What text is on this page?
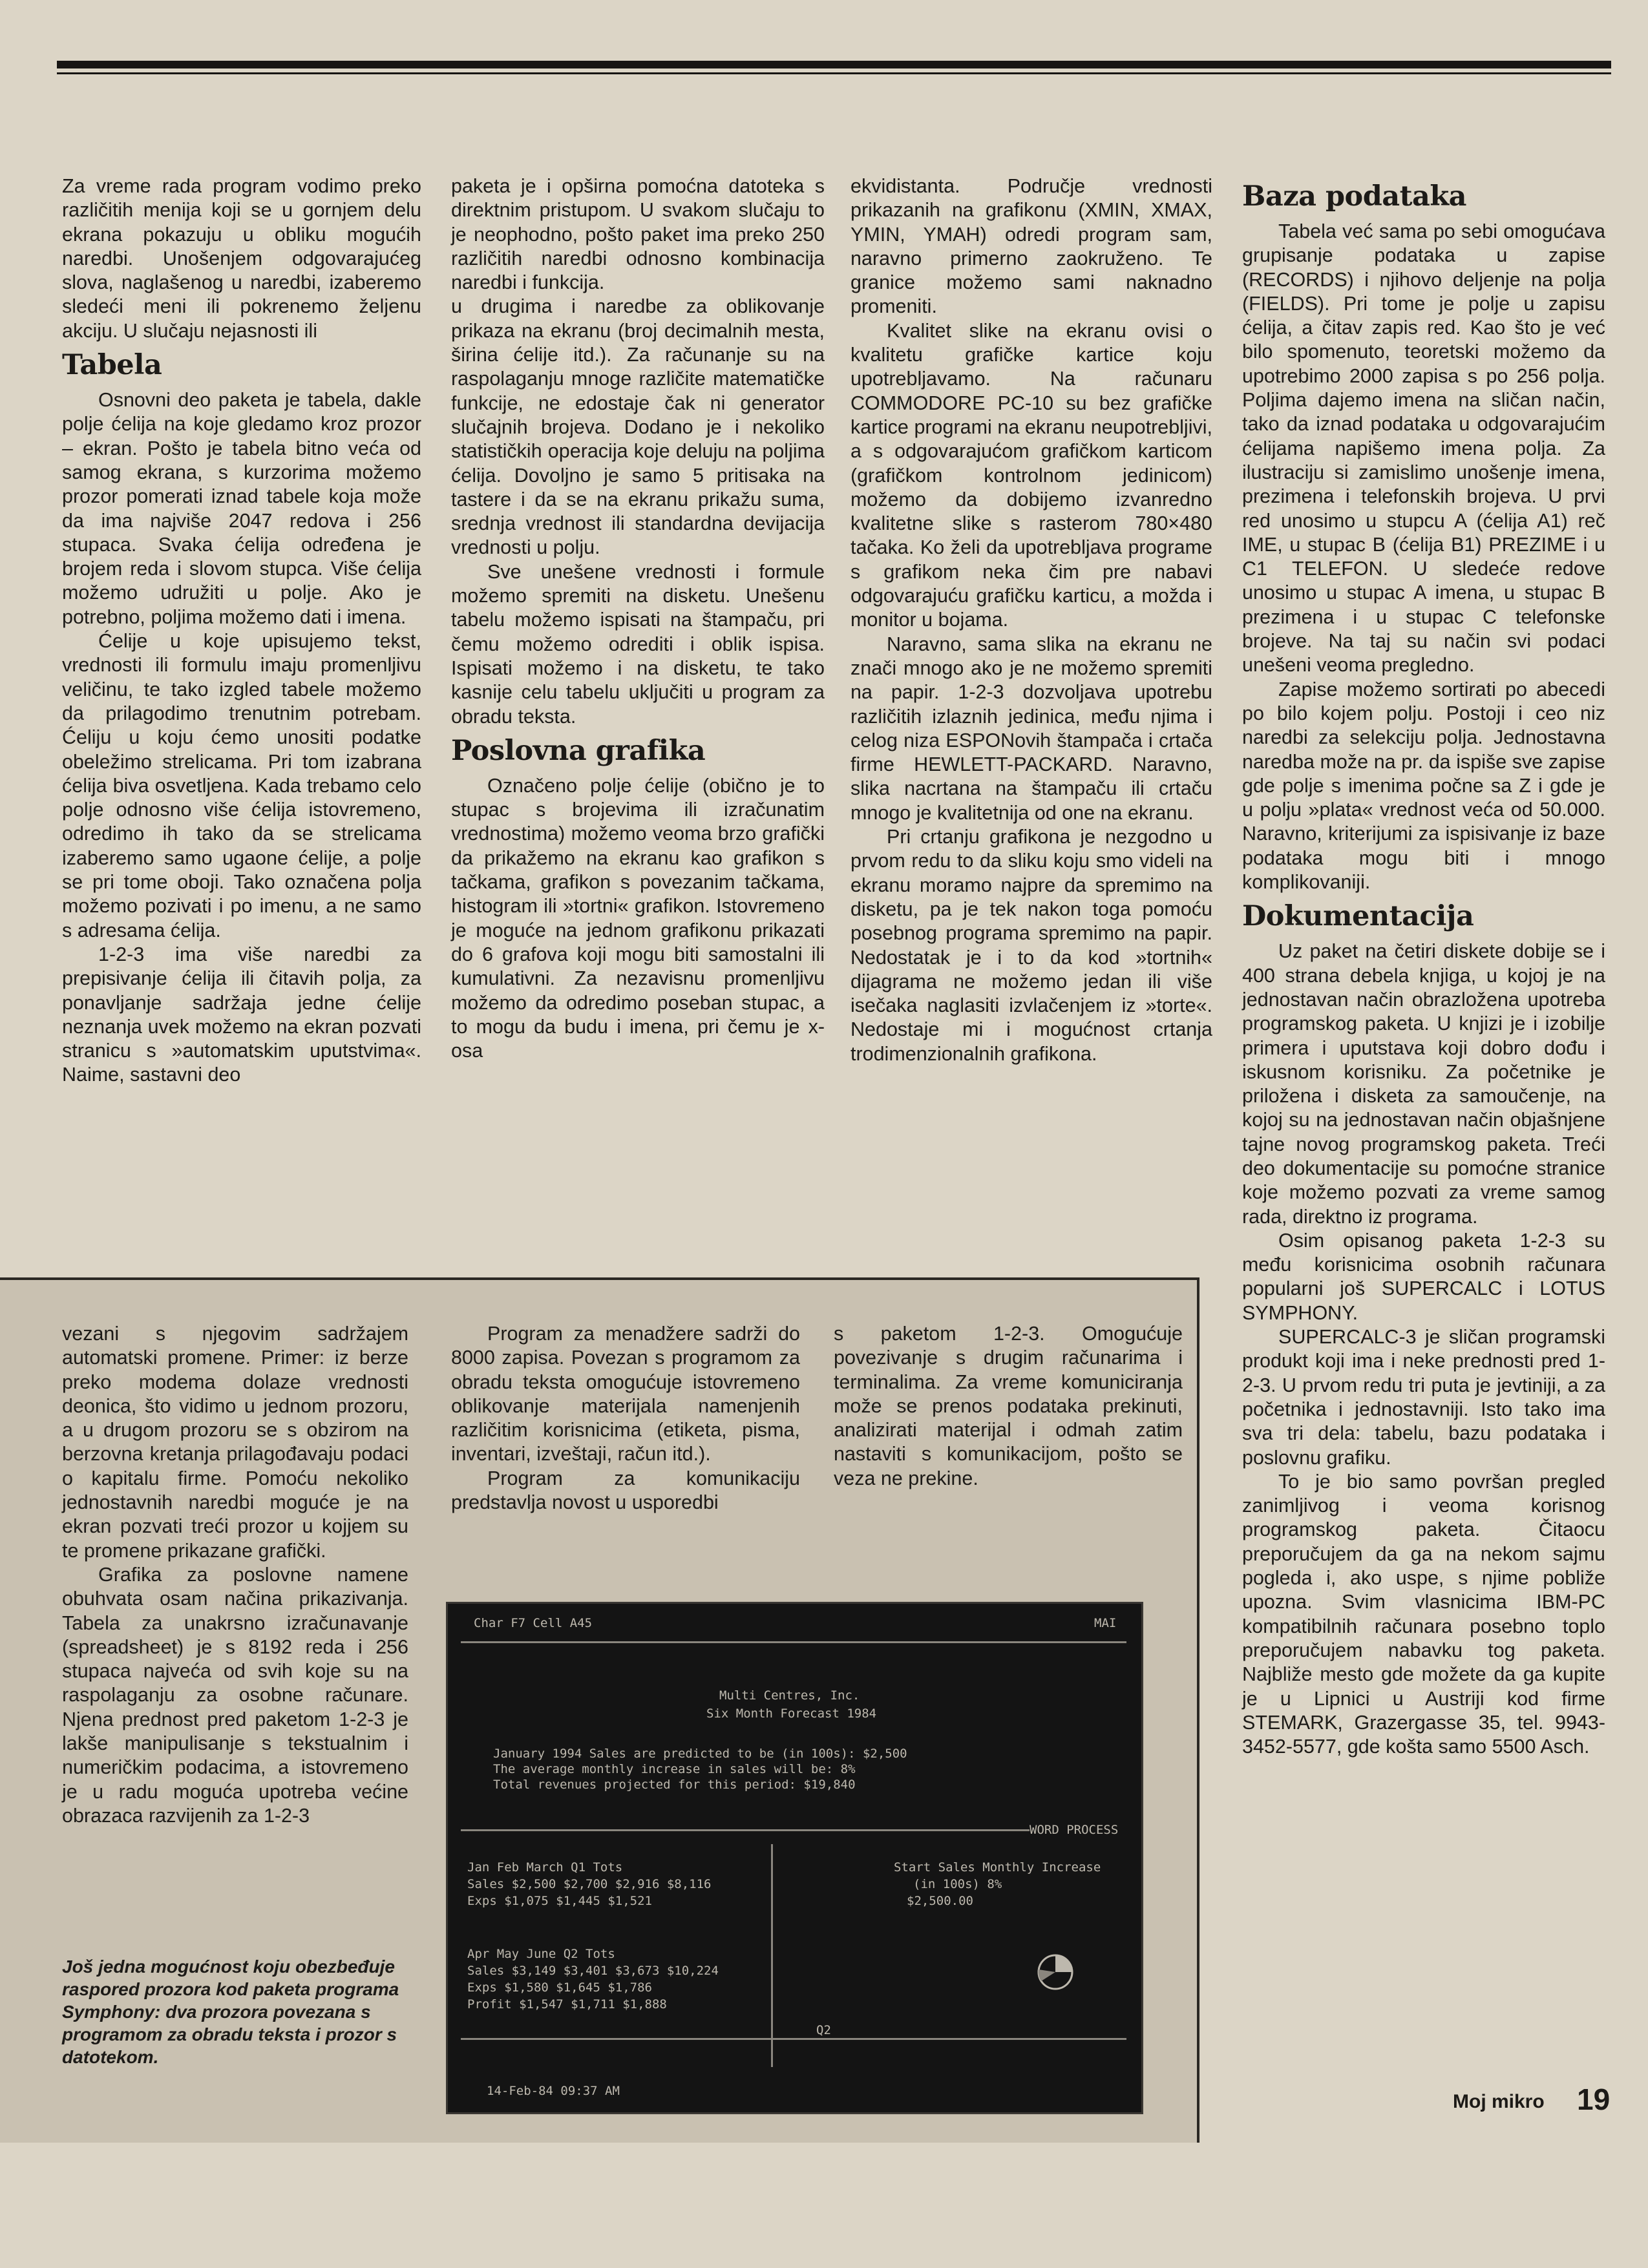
Za vreme rada program vodimo preko različitih menija koji se u gornjem delu ekrana pokazuju u obliku mogućih naredbi. Unošenjem odgovarajućeg slova, naglašenog u naredbi, izaberemo sledeći meni ili pokrenemo željenu akciju. U slučaju nejasnosti ili

Tabela

Osnovni deo paketa je tabela, dakle polje ćelija na koje gledamo kroz prozor – ekran. Pošto je tabela bitno veća od samog ekrana, s kurzorima možemo prozor pomerati iznad tabele koja može da ima najviše 2047 redova i 256 stupaca. Svaka ćelija određena je brojem reda i slovom stupca. Više ćelija možemo udružiti u polje. Ako je potrebno, poljima možemo dati i imena.

Ćelije u koje upisujemo tekst, vrednosti ili formulu imaju promenljivu veličinu, te tako izgled tabele možemo da prilagodimo trenutnim potrebam. Ćeliju u koju ćemo unositi podatke obeležimo strelicama. Pri tom izabrana ćelija biva osvetljena. Kada trebamo celo polje odnosno više ćelija istovremeno, odredimo ih tako da se strelicama izaberemo samo ugaone ćelije, a polje se pri tome oboji. Tako označena polja možemo pozivati i po imenu, a ne samo s adresama ćelija.

1-2-3 ima više naredbi za prepisivanje ćelija ili čitavih polja, za ponavljanje sadržaja jedne ćelije neznanja uvek možemo na ekran pozvati stranicu s »automatskim uputstvima«. Naime, sastavni deo

paketa je i opširna pomoćna datoteka s direktnim pristupom. U svakom slučaju to je neophodno, pošto paket ima preko 250 različitih naredbi odnosno kombinacija naredbi i funkcija.

u drugima i naredbe za oblikovanje prikaza na ekranu (broj decimalnih mesta, širina ćelije itd.). Za računanje su na raspolaganju mnoge različite matematičke funkcije, ne edostaje čak ni generator slučajnih brojeva. Dodano je i nekoliko statističkih operacija koje deluju na poljima ćelija. Dovoljno je samo 5 pritisaka na tastere i da se na ekranu prikažu suma, srednja vrednost ili standardna devijacija vrednosti u polju.

Sve unešene vrednosti i formule možemo spremiti na disketu. Unešenu tabelu možemo ispisati na štampaču, pri čemu možemo odrediti i oblik ispisa. Ispisati možemo i na disketu, te tako kasnije celu tabelu uključiti u program za obradu teksta.

Poslovna grafika

Označeno polje ćelije (obično je to stupac s brojevima ili izračunatim vrednostima) možemo veoma brzo grafički da prikažemo na ekranu kao grafikon s tačkama, grafikon s povezanim tačkama, histogram ili »tortni« grafikon. Istovremeno je moguće na jednom grafikonu prikazati do 6 grafova koji mogu biti samostalni ili kumulativni. Za nezavisnu promenljivu možemo da odredimo poseban stupac, a to mogu da budu i imena, pri čemu je x-osa

ekvidistanta. Područje vrednosti prikazanih na grafikonu (XMIN, XMAX, YMIN, YMAH) odredi program sam, naravno primerno zaokruženo. Te granice možemo sami naknadno promeniti.

Kvalitet slike na ekranu ovisi o kvalitetu grafičke kartice koju upotrebljavamo. Na računaru COMMODORE PC-10 su bez grafičke kartice programi na ekranu neupotrebljivi, a s odgovarajućom grafičkom karticom (grafičkom kontrolnom jedinicom) možemo da dobijemo izvanredno kvalitetne slike s rasterom 780×480 tačaka. Ko želi da upotrebljava programe s grafikom neka čim pre nabavi odgovarajuću grafičku karticu, a možda i monitor u bojama.

Naravno, sama slika na ekranu ne znači mnogo ako je ne možemo spremiti na papir. 1-2-3 dozvoljava upotrebu različitih izlaznih jedinica, među njima i celog niza ESPONovih štampača i crtača firme HEWLETT-PACKARD. Naravno, slika nacrtana na štampaču ili crtaču mnogo je kvalitetnija od one na ekranu.

Pri crtanju grafikona je nezgodno u prvom redu to da sliku koju smo videli na ekranu moramo najpre da spremimo na disketu, pa je tek nakon toga pomoću posebnog programa spremimo na papir. Nedostatak je i to da kod »tortnih« dijagrama ne možemo jedan ili više isečaka naglasiti izvlačenjem iz »torte«. Nedostaje mi i mogućnost crtanja trodimenzionalnih grafikona.

Baza podataka

Tabela već sama po sebi omogućava grupisanje podataka u zapise (RECORDS) i njihovo deljenje na polja (FIELDS). Pri tome je polje u zapisu ćelija, a čitav zapis red. Kao što je već bilo spomenuto, teoretski možemo da upotrebimo 2000 zapisa s po 256 polja. Poljima dajemo imena na sličan način, tako da iznad podataka u odgovarajućim ćelijama napišemo imena polja. Za ilustraciju si zamislimo unošenje imena, prezimena i telefonskih brojeva. U prvi red unosimo u stupcu A (ćelija A1) reč IME, u stupac B (ćelija B1) PREZIME i u C1 TELEFON. U sledeće redove unosimo u stupac A imena, u stupac B prezimena i u stupac C telefonske brojeve. Na taj su način svi podaci unešeni veoma pregledno.

Zapise možemo sortirati po abecedi po bilo kojem polju. Postoji i ceo niz naredbi za selekciju polja. Jednostavna naredba može na pr. da ispiše sve zapise gde polje s imenima počne sa Z i gde je u polju »plata« vrednost veća od 50.000. Naravno, kriterijumi za ispisivanje iz baze podataka mogu biti i mnogo komplikovaniji.

Dokumentacija

Uz paket na četiri diskete dobije se i 400 strana debela knjiga, u kojoj je na jednostavan način obrazložena upotreba programskog paketa. U knjizi je i izobilje primera i uputstava koji dobro dođu i iskusnom korisniku. Za početnike je priložena i disketa za samoučenje, na kojoj su na jednostavan način objašnjene tajne novog programskog paketa. Treći deo dokumentacije su pomoćne stranice koje možemo pozvati za vreme samog rada, direktno iz programa.

Osim opisanog paketa 1-2-3 su među korisnicima osobnih računara popularni još SUPERCALC i LOTUS SYMPHONY.

SUPERCALC-3 je sličan programski produkt koji ima i neke prednosti pred 1-2-3. U prvom redu tri puta je jevtiniji, a za početnika i jednostavniji. Isto tako ima sva tri dela: tabelu, bazu podataka i poslovnu grafiku.

To je bio samo površan pregled zanimljivog i veoma korisnog programskog paketa. Čitaocu preporučujem da ga na nekom sajmu pogleda i, ako uspe, s njime pobliže upozna. Svim vlasnicima IBM-PC kompatibilnih računara posebno toplo preporučujem nabavku tog paketa. Najbliže mesto gde možete da ga kupite je u Lipnici u Austriji kod firme STEMARK, Grazergasse 35, tel. 9943-3452-5577, gde košta samo 5500 Asch.

vezani s njegovim sadržajem automatski promene. Primer: iz berze preko modema dolaze vrednosti deonica, što vidimo u jednom prozoru, a u drugom prozoru se s obzirom na berzovna kretanja prilagođavaju podaci o kapitalu firme. Pomoću nekoliko jednostavnih naredbi moguće je na ekran pozvati treći prozor u kojjem su te promene prikazane grafički.

Grafika za poslovne namene obuhvata osam načina prikazivanja. Tabela za unakrsno izračunavanje (spreadsheet) je s 8192 reda i 256 stupaca najveća od svih koje su na raspolaganju za osobne računare. Njena prednost pred paketom 1-2-3 je lakše manipulisanje s tekstualnim i numeričkim podacima, a istovremeno je u radu moguća upotreba većine obrazaca razvijenih za 1-2-3

Program za menadžere sadrži do 8000 zapisa. Povezan s programom za obradu teksta omogućuje istovremeno oblikovanje materijala namenjenih različitim korisnicima (etiketa, pisma, inventari, izveštaji, račun itd.).

Program za komunikaciju predstavlja novost u usporedbi

s paketom 1-2-3. Omogućuje povezivanje s drugim računarima i terminalima. Za vreme komuniciranja može se prenos podataka prekinuti, analizirati materijal i odmah zatim nastaviti s komunikacijom, pošto se veza ne prekine.

Još jedna mogućnost koju obezbeđuje raspored prozora kod paketa programa Symphony: dva prozora povezana s programom za obradu teksta i prozor s datotekom.
Char F7 Cell A45	MAI
Multi Centres, Inc.
Six Month Forecast 1984
January 1994 Sales are predicted to be (in 100s): $2,500
The average monthly increase in sales will be: 8%
Total revenues projected for this period: $19,840
WORD PROCESS
Jan Feb March Q1 Tots
Sales $2,500 $2,700 $2,916 $8,116
Exps $1,075 $1,445 $1,521
Start Sales Monthly Increase
(in 100s) 8%
$2,500.00
Apr May June Q2 Tots
Sales $3,149 $3,401 $3,673 $10,224
Exps $1,580 $1,645 $1,786
Profit $1,547 $1,711 $1,888
Q2
14-Feb-84 09:37 AM	Moj mikro 19
